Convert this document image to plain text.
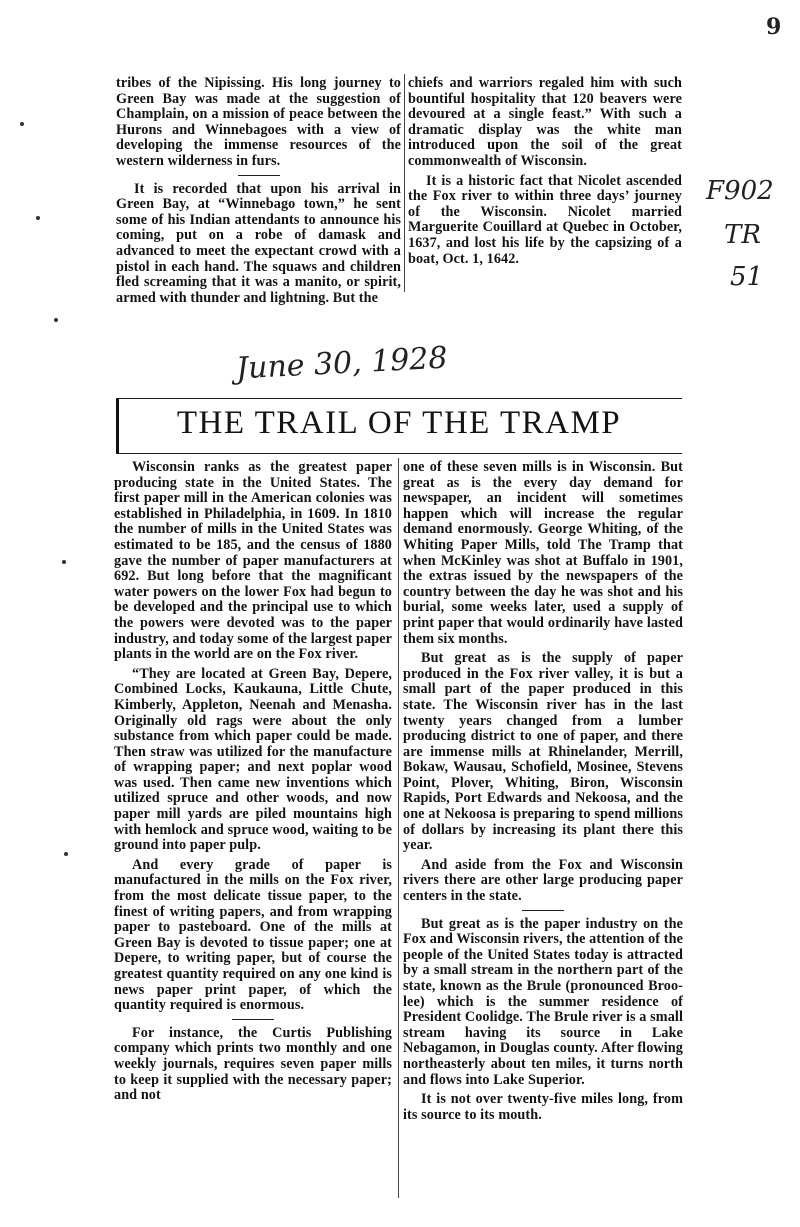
9
F902
TR
51

tribes of the Nipissing. His long journey to Green Bay was made at the suggestion of Champlain, on a mission of peace between the Hurons and Winnebagoes with a view of developing the immense resources of the western wilderness in furs.

It is recorded that upon his arrival in Green Bay, at “Winnebago town,” he sent some of his Indian attendants to announce his coming, put on a robe of damask and advanced to meet the expectant crowd with a pistol in each hand. The squaws and children fled screaming that it was a manito, or spirit, armed with thunder and lightning. But the

chiefs and warriors regaled him with such bountiful hospitality that 120 beavers were devoured at a single feast.” With such a dramatic display was the white man introduced upon the soil of the great commonwealth of Wisconsin.

It is a historic fact that Nicolet ascended the Fox river to within three days’ journey of the Wisconsin. Nicolet married Marguerite Couillard at Quebec in October, 1637, and lost his life by the capsizing of a boat, Oct. 1, 1642.

June 30, 1928
THE TRAIL OF THE TRAMP

Wisconsin ranks as the greatest paper producing state in the United States. The first paper mill in the American colonies was established in Philadelphia, in 1609. In 1810 the number of mills in the United States was estimated to be 185, and the census of 1880 gave the number of paper manufacturers at 692. But long before that the magnificant water powers on the lower Fox had begun to be developed and the principal use to which the powers were devoted was to the paper industry, and today some of the largest paper plants in the world are on the Fox river.

“They are located at Green Bay, Depere, Combined Locks, Kaukauna, Little Chute, Kimberly, Appleton, Neenah and Menasha. Originally old rags were about the only substance from which paper could be made. Then straw was utilized for the manufacture of wrapping paper; and next poplar wood was used. Then came new inventions which utilized spruce and other woods, and now paper mill yards are piled mountains high with hemlock and spruce wood, waiting to be ground into paper pulp.

And every grade of paper is manufactured in the mills on the Fox river, from the most delicate tissue paper, to the finest of writing papers, and from wrapping paper to pasteboard. One of the mills at Green Bay is devoted to tissue paper; one at Depere, to writing paper, but of course the greatest quantity required on any one kind is news paper print paper, of which the quantity required is enormous.

For instance, the Curtis Publishing company which prints two monthly and one weekly journals, requires seven paper mills to keep it supplied with the necessary paper; and not

one of these seven mills is in Wisconsin. But great as is the every day demand for newspaper, an incident will sometimes happen which will increase the regular demand enormously. George Whiting, of the Whiting Paper Mills, told The Tramp that when McKinley was shot at Buffalo in 1901, the extras issued by the newspapers of the country between the day he was shot and his burial, some weeks later, used a supply of print paper that would ordinarily have lasted them six months.

But great as is the supply of paper produced in the Fox river valley, it is but a small part of the paper produced in this state. The Wisconsin river has in the last twenty years changed from a lumber producing district to one of paper, and there are immense mills at Rhinelander, Merrill, Bokaw, Wausau, Schofield, Mosinee, Stevens Point, Plover, Whiting, Biron, Wisconsin Rapids, Port Edwards and Nekoosa, and the one at Nekoosa is preparing to spend millions of dollars by increasing its plant there this year.

And aside from the Fox and Wisconsin rivers there are other large producing paper centers in the state.

But great as is the paper industry on the Fox and Wisconsin rivers, the attention of the people of the United States today is attracted by a small stream in the northern part of the state, known as the Brule (pronounced Broo-lee) which is the summer residence of President Coolidge. The Brule river is a small stream having its source in Lake Nebagamon, in Douglas county. After flowing northeasterly about ten miles, it turns north and flows into Lake Superior.

It is not over twenty-five miles long, from its source to its mouth.
